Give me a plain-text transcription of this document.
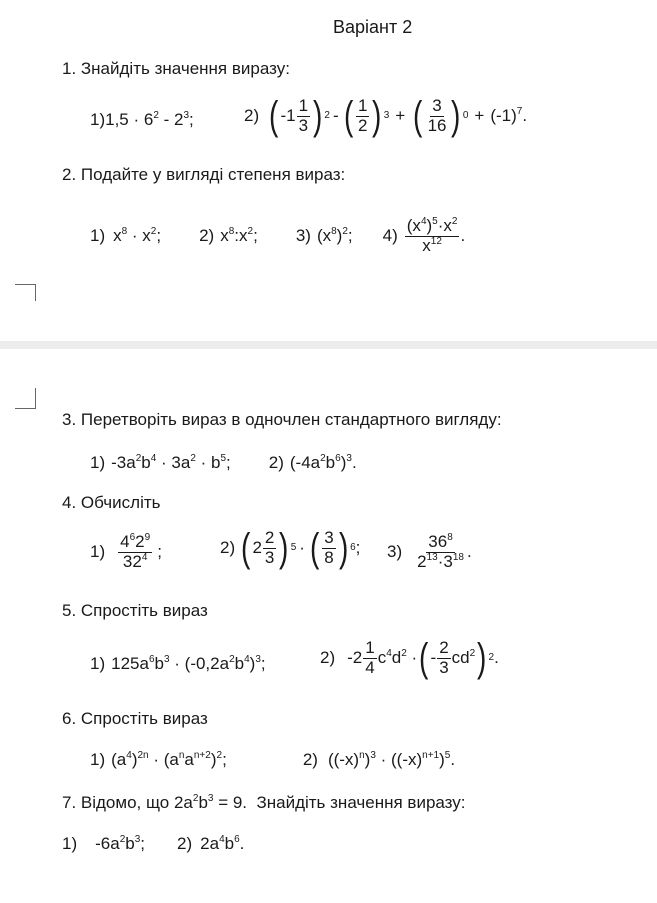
Варіант 2
1. Знайдіть значення виразу:
1) $1,5 \cdot 6^2 - 2^3$;	2) ( $-1 \frac{1}{3}$ ) 2 - ( $\frac{1}{2}$ ) 3 + ( $\frac{3}{16}$ ) $0 + (-1)^7$.
2. Подайте у вигляді степеня вираз:
1) $x^8 \cdot x^2$; 2) $x^8:x^2$; 3) $(x^8)^2$; $4) \frac{(x^4)^5\cdot x^2}{x^{12}}$ .
3. Перетворіть вираз в одночлен стандартного вигляду:
1) $-3a^2b^4 \cdot 3a^2 \cdot b^5$; 2) $(-4a^2b^6)^3$.
4. Обчисліть
$1) \frac{4^62^9}{32^4}$ ;	2) ( $2 \frac{2}{3}$ ) 5 · ( $\frac{3}{8}$ ) 6 ; $3) \frac{36^8}{2^{13}\cdot 3^{18}}$ .
5. Спростіть вираз
1) $125a^6b^3 \cdot (-0,2a^2b^4)^3$;	2) $-2 \frac{1}{4} c^4d^2$ · ( - $\frac{2}{3} cd^2$ ) 2 .
6. Спростіть вираз
1) $(a^4)^{2n} \cdot (a^na^{n+2})^2$;	2) $((-x)^n)^3 \cdot ((-x)^{n+1})^5$.
7. Відомо, що $2a^2b^3 = 9$.  Знайдіть значення виразу:
1) $-6a^2b^3$; 2) $2a^4b^6$.
